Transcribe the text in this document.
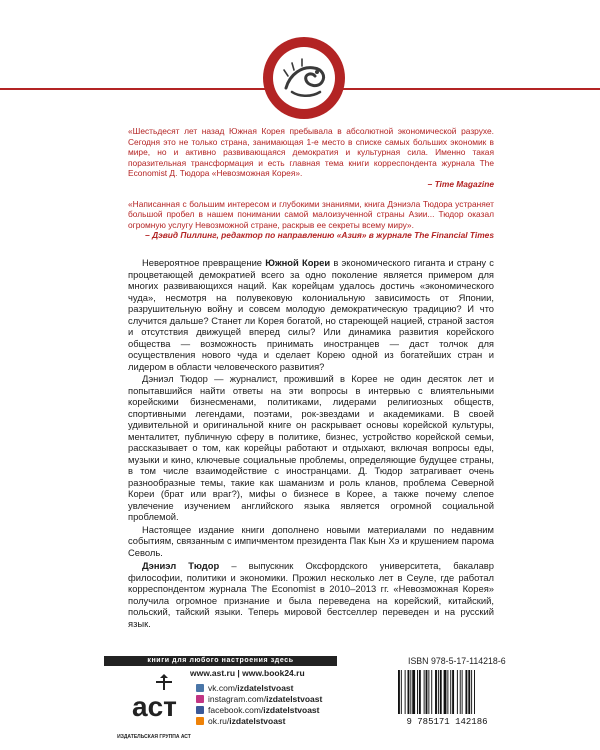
«Шестьдесят лет назад Южная Корея пребывала в абсолютной экономической разрухе. Сегодня это не только страна, занимающая 1-е место в списке самых больших экономик в мире, но и активно развивающаяся демократия и культурная сила. Именно такая поразительная трансформация и есть главная тема книги корреспондента журнала The Economist Д. Тюдора «Невозможная Корея».
– Time Magazine

«Написанная с большим интересом и глубокими знаниями, книга Дэниэла Тюдора устраняет большой пробел в нашем понимании самой малоизученной страны Азии... Тюдор оказал огромную услугу Невозможной стране, раскрыв ее секреты всему миру».
– Дэвид Пиллинг, редактор по направлению «Азия» в журнале The Financial Times

Невероятное превращение Южной Кореи в экономического гиганта и страну с процветающей демократией всего за одно поколение является примером для многих развивающихся наций. Как корейцам удалось достичь «экономического чуда», несмотря на полувековую колониальную зависимость от Японии, разрушительную войну и совсем молодую демократическую традицию? И что случится дальше? Станет ли Корея богатой, но стареющей нацией, страной застоя и отсутствия движущей вперед силы? Или динамика развития корейского общества — возможность принимать иностранцев — даст толчок для осуществления нового чуда и сделает Корею одной из богатейших стран и лидером в области человеческого развития?

Дэниэл Тюдор — журналист, проживший в Корее не один десяток лет и попытавшийся найти ответы на эти вопросы в интервью с влиятельными корейскими бизнесменами, политиками, лидерами религиозных обществ, спортивными легендами, поэтами, рок-звездами и академиками. В своей удивительной и оригинальной книге он раскрывает основы корейской культуры, менталитет, публичную сферу в политике, бизнес, устройство корейской семьи, рассказывает о том, как корейцы работают и отдыхают, включая вопросы еды, музыки и кино, ключевые социальные проблемы, определяющие будущее страны, в том числе взаимодействие с иностранцами. Д. Тюдор затрагивает очень разнообразные темы, такие как шаманизм и роль кланов, проблема Северной Кореи (брат или враг?), мифы о бизнесе в Корее, а также почему слепое увлечение изучением английского языка является огромной социальной проблемой.

Настоящее издание книги дополнено новыми материалами по недавним событиям, связанным с импичментом президента Пак Кын Хэ и крушением парома Севоль.

Дэниэл Тюдор – выпускник Оксфордского университета, бакалавр философии, политики и экономики. Прожил несколько лет в Сеуле, где работал корреспондентом журнала The Economist в 2010–2013 гг. «Невозможная Корея» получила огромное признание и была переведена на корейский, китайский, польский, тайский языки. Теперь мировой бестселлер переведен и на русский язык.

книги для любого настроения здесь
аст
ИЗДАТЕЛЬСКАЯ ГРУППА АСТ
www.ast.ru | www.book24.ru
vk.com/izdatelstvoast
instagram.com/izdatelstvoast
facebook.com/izdatelstvoast
ok.ru/izdatelstvoast
ISBN 978-5-17-114218-6
9 785171 142186
